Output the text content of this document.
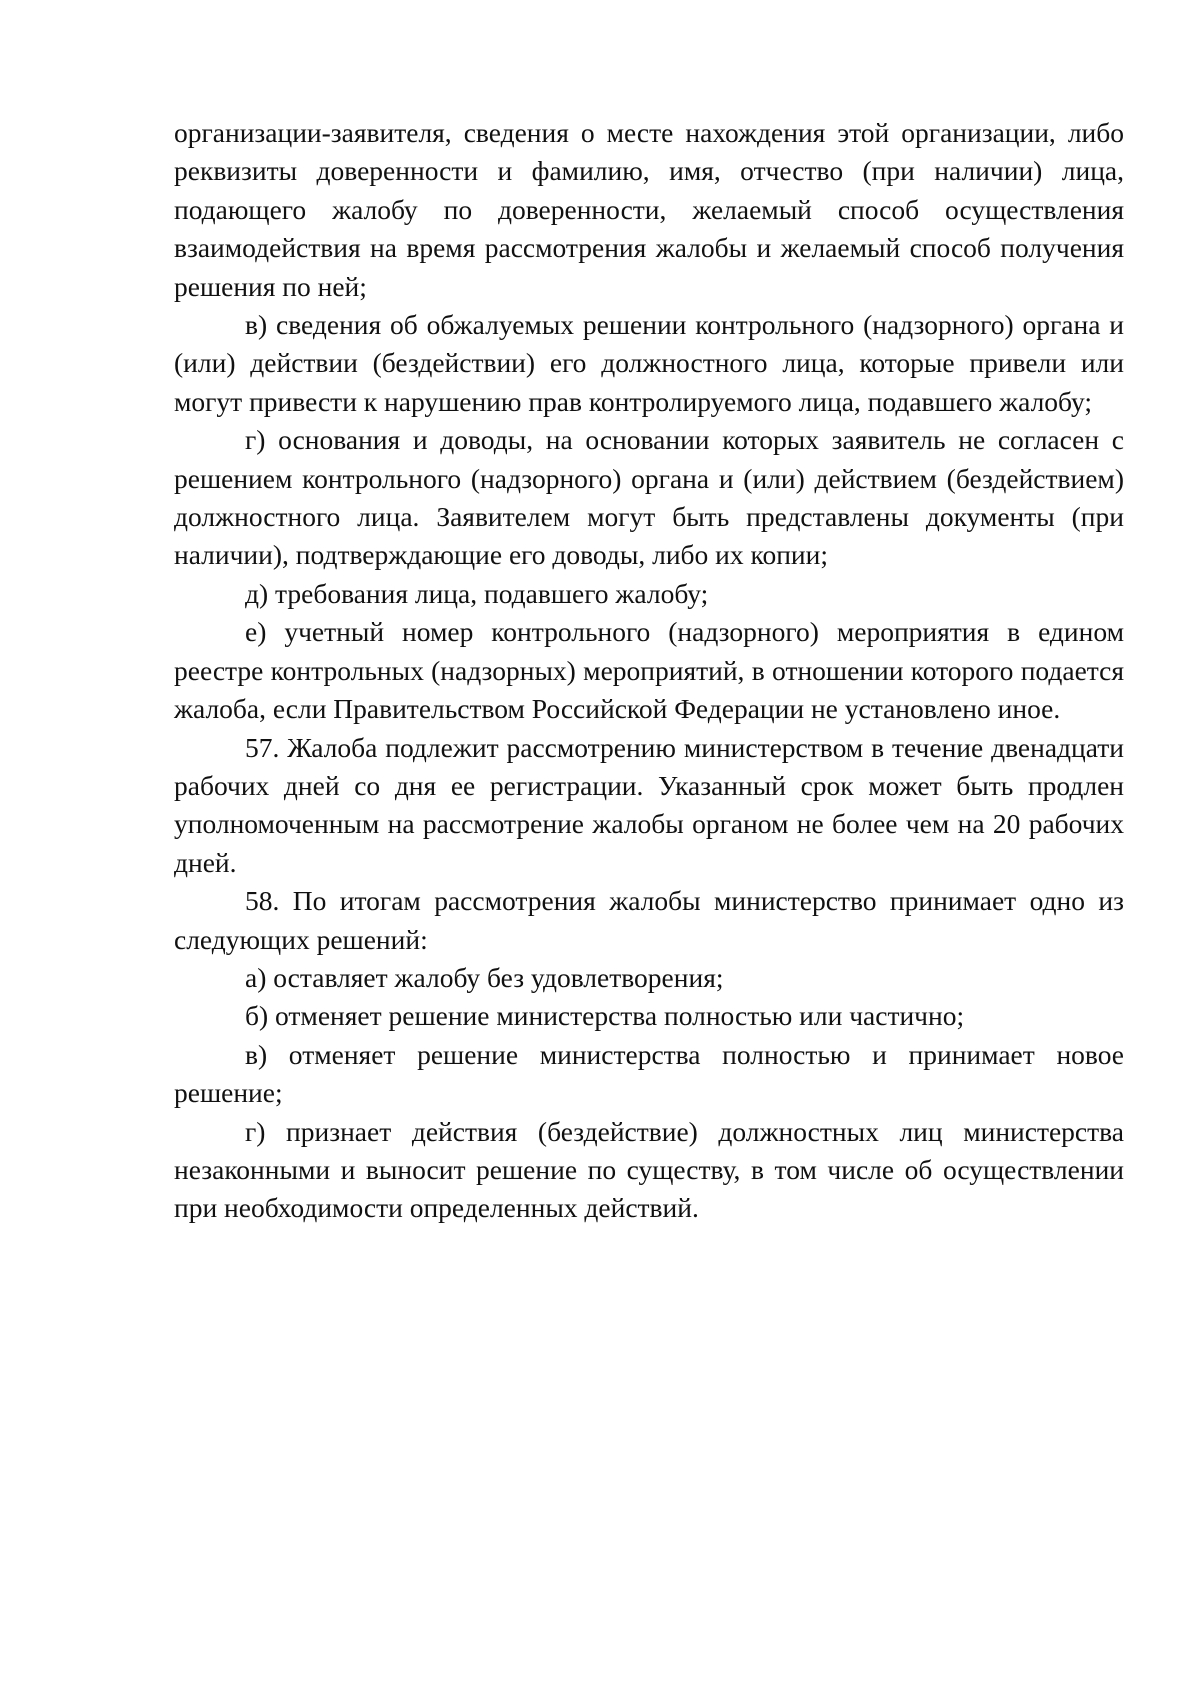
организации-заявителя, сведения о месте нахождения этой организации, либо реквизиты доверенности и фамилию, имя, отчество (при наличии) лица, подающего жалобу по доверенности, желаемый способ осуществления взаимодействия на время рассмотрения жалобы и желаемый способ получения решения по ней;

в) сведения об обжалуемых решении контрольного (надзорного) органа и (или) действии (бездействии) его должностного лица, которые привели или могут привести к нарушению прав контролируемого лица, подавшего жалобу;

г) основания и доводы, на основании которых заявитель не согласен с решением контрольного (надзорного) органа и (или) действием (бездействием) должностного лица. Заявителем могут быть представлены документы (при наличии), подтверждающие его доводы, либо их копии;

д) требования лица, подавшего жалобу;

е) учетный номер контрольного (надзорного) мероприятия в едином реестре контрольных (надзорных) мероприятий, в отношении которого подается жалоба, если Правительством Российской Федерации не установлено иное.

57. Жалоба подлежит рассмотрению министерством в течение двенадцати рабочих дней со дня ее регистрации. Указанный срок может быть продлен уполномоченным на рассмотрение жалобы органом не более чем на 20 рабочих дней.

58. По итогам рассмотрения жалобы министерство принимает одно из следующих решений:

а) оставляет жалобу без удовлетворения;

б) отменяет решение министерства полностью или частично;

в) отменяет решение министерства полностью и принимает новое решение;

г) признает действия (бездействие) должностных лиц министерства незаконными и выносит решение по существу, в том числе об осуществлении при необходимости определенных действий.
